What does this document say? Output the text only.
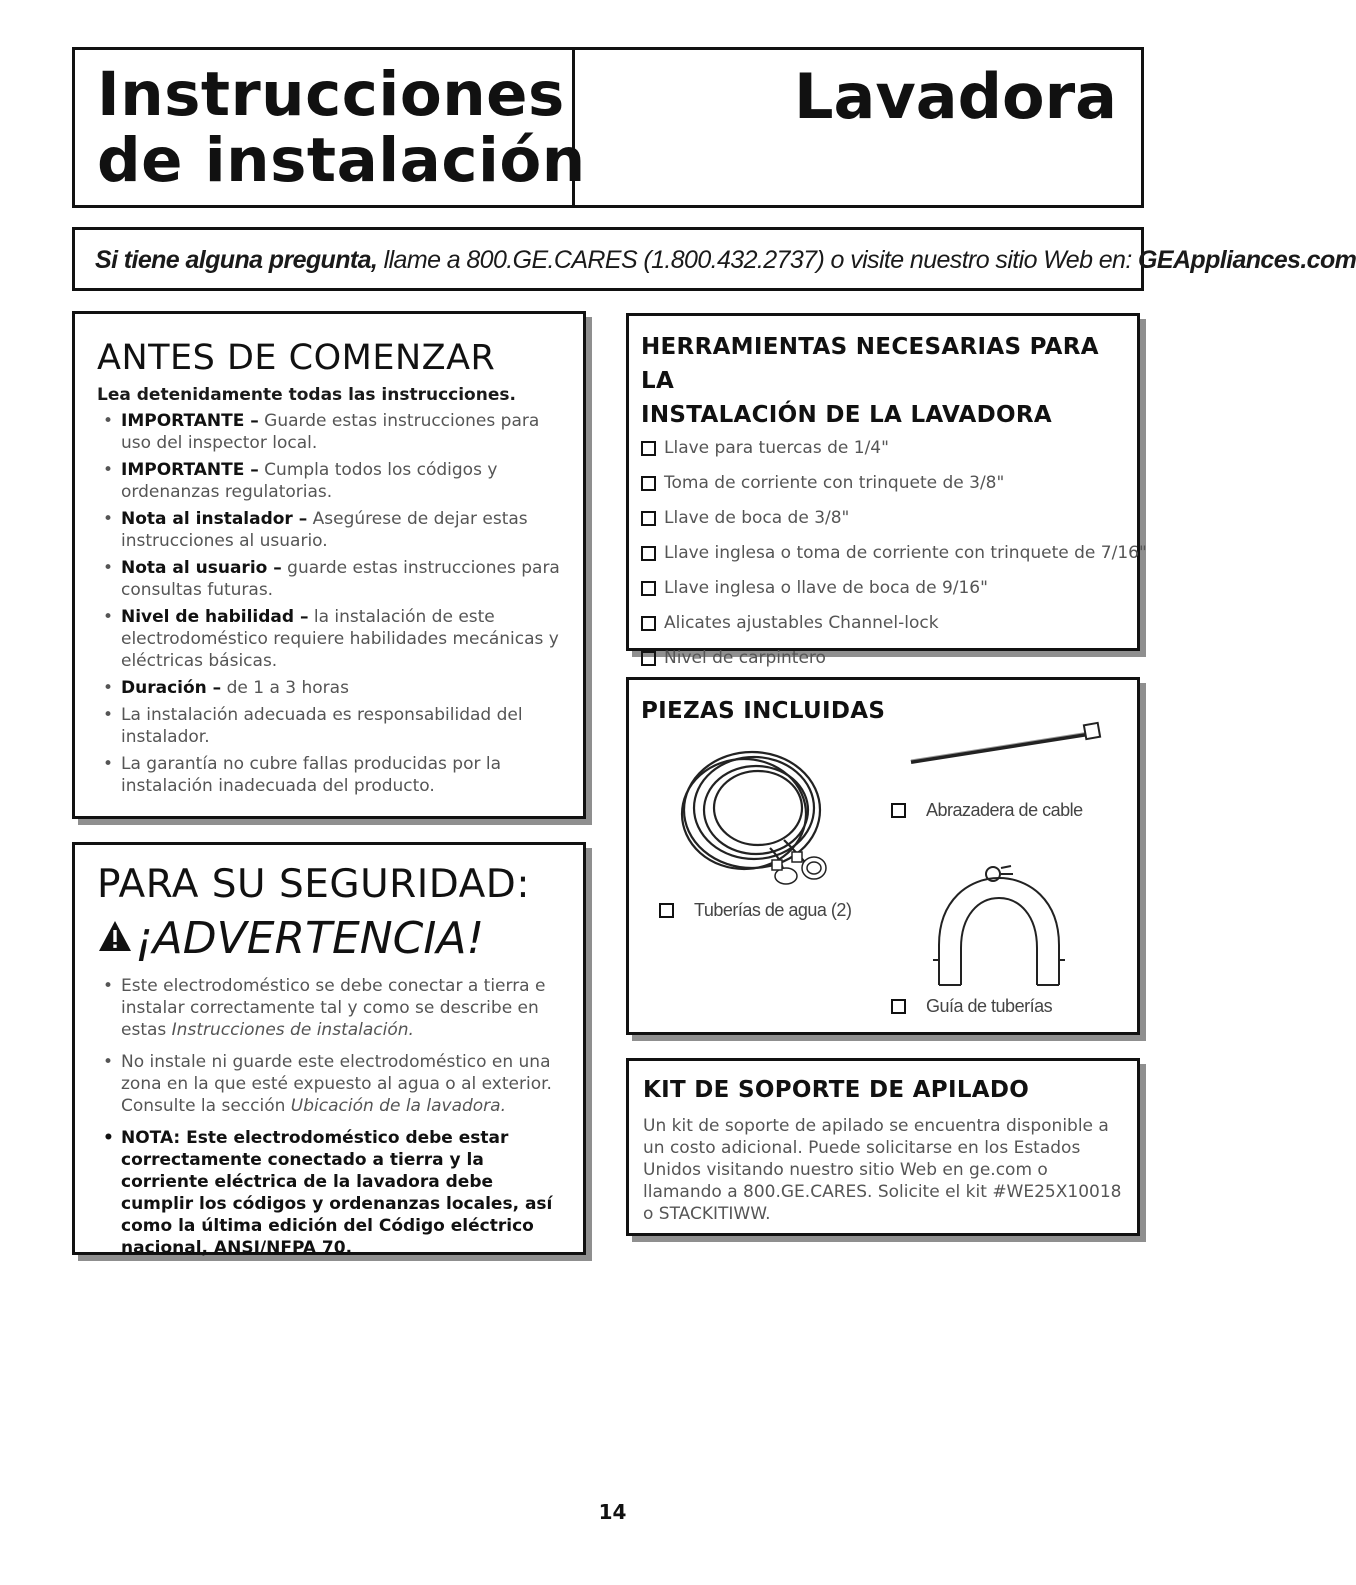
Instrucciones
de instalación
Lavadora
Si tiene alguna pregunta, llame a 800.GE.CARES (1.800.432.2737) o visite nuestro sitio Web en: GEAppliances.com
ANTES DE COMENZAR
Lea detenidamente todas las instrucciones.
• IMPORTANTE – Guarde estas instrucciones para uso del inspector local.
• IMPORTANTE – Cumpla todos los códigos y ordenanzas regulatorias.
• Nota al instalador – Asegúrese de dejar estas instrucciones al usuario.
• Nota al usuario – guarde estas instrucciones para consultas futuras.
• Nivel de habilidad – la instalación de este electrodoméstico requiere habilidades mecánicas y eléctricas básicas.
• Duración – de 1 a 3 horas
• La instalación adecuada es responsabilidad del instalador.
• La garantía no cubre fallas producidas por la instalación inadecuada del producto.
PARA SU SEGURIDAD:
¡ADVERTENCIA!
• Este electrodoméstico se debe conectar a tierra e instalar correctamente tal y como se describe en estas Instrucciones de instalación.
• No instale ni guarde este electrodoméstico en una zona en la que esté expuesto al agua o al exterior. Consulte la sección Ubicación de la lavadora.
• NOTA: Este electrodoméstico debe estar correctamente conectado a tierra y la corriente eléctrica de la lavadora debe cumplir los códigos y ordenanzas locales, así como la última edición del Código eléctrico nacional, ANSI/NFPA 70.
HERRAMIENTAS NECESARIAS PARA LA
INSTALACIÓN DE LA LAVADORA
Llave para tuercas de 1/4"
Toma de corriente con trinquete de 3/8"
Llave de boca de 3/8"
Llave inglesa o toma de corriente con trinquete de 7/16"
Llave inglesa o llave de boca de 9/16"
Alicates ajustables Channel-lock
Nivel de carpintero
PIEZAS INCLUIDAS
Tuberías de agua (2)
Abrazadera de cable
Guía de tuberías
KIT DE SOPORTE DE APILADO

Un kit de soporte de apilado se encuentra disponible a un costo adicional. Puede solicitarse en los Estados Unidos visitando nuestro sitio Web en ge.com o llamando a 800.GE.CARES. Solicite el kit #WE25X10018 o STACKITIWW.

14
